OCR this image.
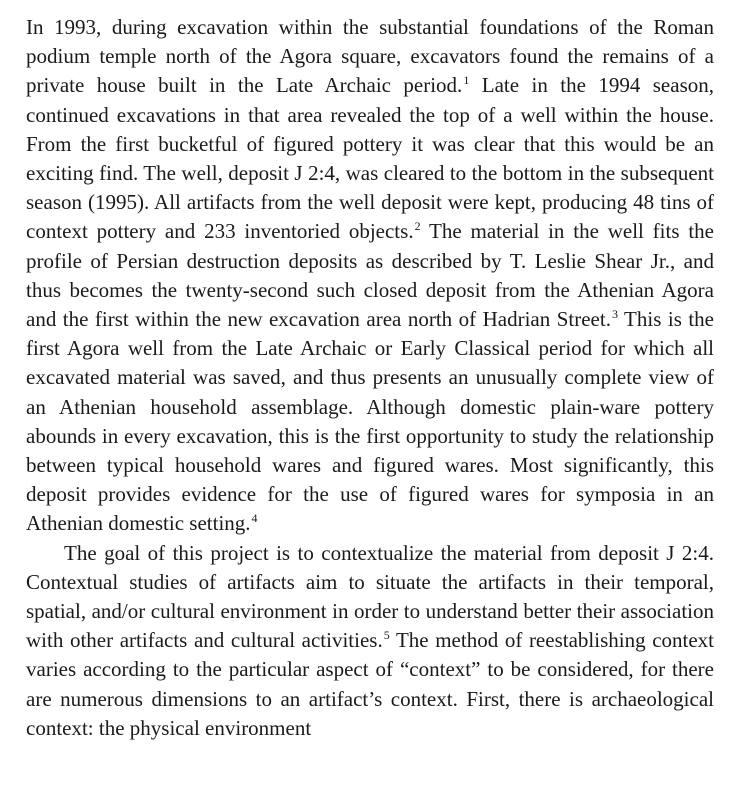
In 1993, during excavation within the substantial foundations of the Roman podium temple north of the Agora square, excavators found the remains of a private house built in the Late Archaic period.$^1$ Late in the 1994 season, continued excavations in that area revealed the top of a well within the house. From the first bucketful of figured pottery it was clear that this would be an exciting find. The well, deposit J 2:4, was cleared to the bottom in the subsequent season (1995). All artifacts from the well deposit were kept, producing 48 tins of context pottery and 233 inventoried objects.$^2$ The material in the well fits the profile of Persian destruction deposits as described by T. Leslie Shear Jr., and thus becomes the twenty-second such closed deposit from the Athenian Agora and the first within the new excavation area north of Hadrian Street.$^3$ This is the first Agora well from the Late Archaic or Early Classical period for which all excavated material was saved, and thus presents an unusually complete view of an Athenian household assemblage. Although domestic plain-ware pottery abounds in every excavation, this is the first opportunity to study the relationship between typical household wares and figured wares. Most significantly, this deposit provides evidence for the use of figured wares for symposia in an Athenian domestic setting.$^4$

The goal of this project is to contextualize the material from deposit J 2:4. Contextual studies of artifacts aim to situate the artifacts in their temporal, spatial, and/or cultural environment in order to understand better their association with other artifacts and cultural activities.$^5$ The method of reestablishing context varies according to the particular aspect of “context” to be considered, for there are numerous dimensions to an artifact’s context. First, there is archaeological context: the physical environment
